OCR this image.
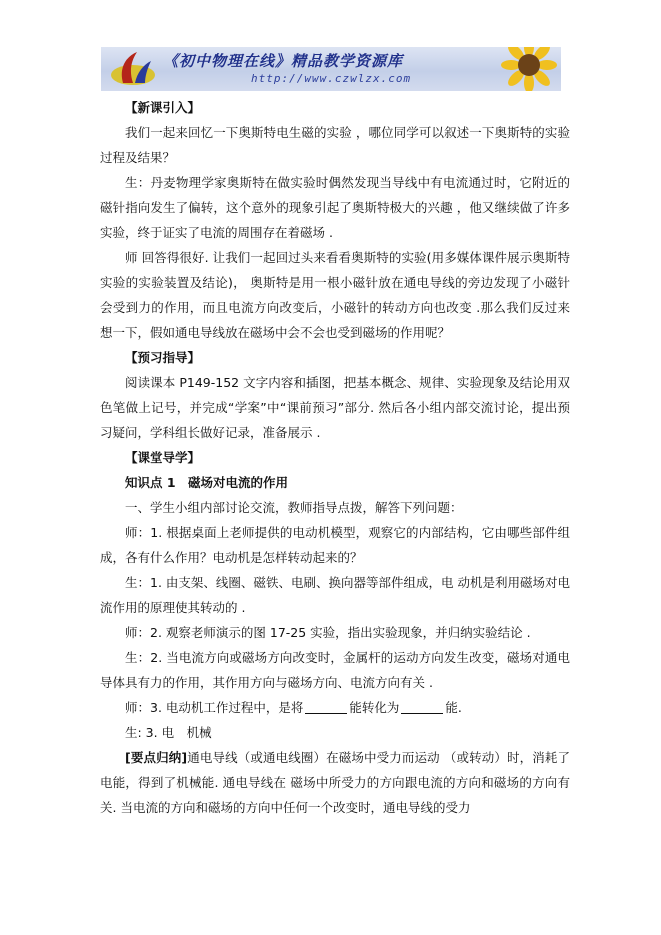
《初中物理在线》精品教学资源库
http://www.czwlzx.com

【新课引入】

我们一起来回忆一下奥斯特电生磁的实验 ，哪位同学可以叙述一下奥斯特的实验过程及结果？

生：丹麦物理学家奥斯特在做实验时偶然发现当导线中有电流通过时，它附近的磁针指向发生了偏转，这个意外的现象引起了奥斯特极大的兴趣 ，他又继续做了许多实验，终于证实了电流的周围存在着磁场 .

师 回答得很好. 让我们一起回过头来看看奥斯特的实验(用多媒体课件展示奥斯特实验的实验装置及结论)， 奥斯特是用一根小磁针放在通电导线的旁边发现了小磁针会受到力的作用，而且电流方向改变后，小磁针的转动方向也改变 .那么我们反过来想一下，假如通电导线放在磁场中会不会也受到磁场的作用呢？

【预习指导】

阅读课本 P149-152 文字内容和插图，把基本概念、规律、实验现象及结论用双色笔做上记号，并完成“学案”中“课前预习”部分. 然后各小组内部交流讨论，提出预习疑问，学科组长做好记录，准备展示 .

【课堂导学】

知识点 1　磁场对电流的作用

一、学生小组内部讨论交流，教师指导点拨，解答下列问题：

师：1. 根据桌面上老师提供的电动机模型，观察它的内部结构，它由哪些部件组成，各有什么作用？电动机是怎样转动起来的？

生：1. 由支架、线圈、磁铁、电刷、换向器等部件组成，电 动机是利用磁场对电流作用的原理使其转动的 .

师：2. 观察老师演示的图 17-25 实验，指出实验现象，并归纳实验结论 .

生：2. 当电流方向或磁场方向改变时，金属杆的运动方向发生改变，磁场对通电导体具有力的作用，其作用方向与磁场方向、电流方向有关 .

师：3. 电动机工作过程中，是将	能转化为	能.

生: 3. 电　机械

[要点归纳]通电导线（或通电线圈）在磁场中受力而运动 （或转动）时，消耗了电能，得到了机械能. 通电导线在 磁场中所受力的方向跟电流的方向和磁场的方向有关. 当电流的方向和磁场的方向中任何一个改变时，通电导线的受力
